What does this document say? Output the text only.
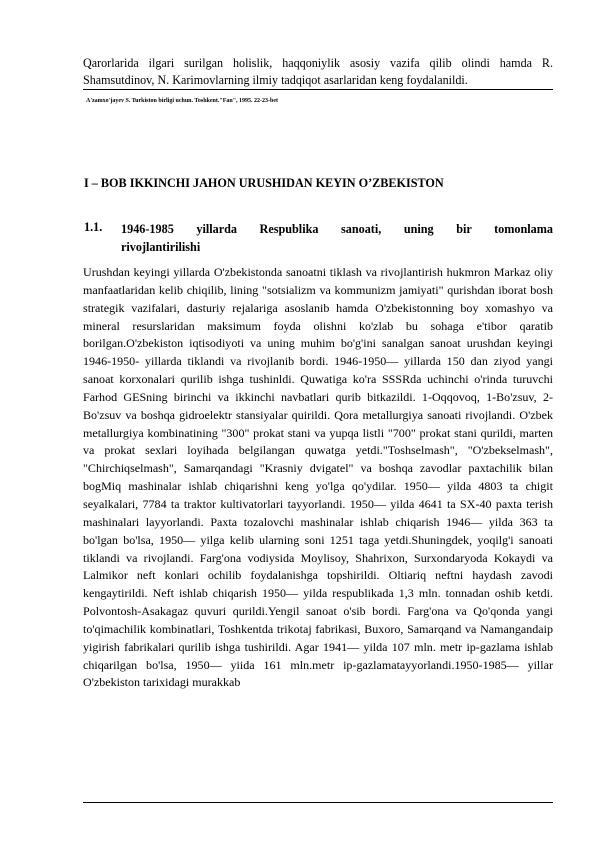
Qarorlarida ilgari surilgan holislik, haqqoniylik asosiy vazifa qilib olindi hamda R. Shamsutdinov, N. Karimovlarning ilmiy tadqiqot asarlaridan keng foydalanildi.
A'zamxo'jayev S. Turkiston birligi uchun. Toshkent."Fan", 1995. 22-23-bet
I – BOB IKKINCHI JAHON URUSHIDAN KEYIN O’ZBEKISTON
1.1. 1946-1985 yillarda Respublika sanoati, uning bir tomonlama
rivojlantirilishi
Urushdan keyingi yillarda O'zbekistonda sanoatni tiklash va rivojlantirish hukmron Markaz oliy manfaatlaridan kelib chiqilib, lining "sotsializm va kommunizm jamiyati" qurishdan iborat bosh strategik vazifalari, dasturiy rejalariga asoslanib hamda O'zbekistonning boy xomashyo va mineral resurslaridan maksimum foyda olishni ko'zlab bu sohaga e'tibor qaratib borilgan.O'zbekiston iqtisodiyoti va uning muhim bo'g'ini sanalgan sanoat urushdan keyingi 1946-1950- yillarda tiklandi va rivojlanib bordi. 1946-1950— yillarda 150 dan ziyod yangi sanoat korxonalari qurilib ishga tushinldi. Quwatiga ko'ra SSSRda uchinchi o'rinda turuvchi Farhod GESning birinchi va ikkinchi navbatlari qurib bitkazildi. 1-Oqqovoq, 1-Bo'zsuv, 2-Bo'zsuv va boshqa gidroelektr stansiyalar quirildi. Qora metallurgiya sanoati rivojlandi. O'zbek metallurgiya kombinatining "300" prokat stani va yupqa listli "700" prokat stani qurildi, marten va prokat sexlari loyihada belgilangan quwatga yetdi."Toshselmash", "O'zbekselmash", "Chirchiqselmash", Samarqandagi "Krasniy dvigatel" va boshqa zavodlar paxtachilik bilan bogMiq mashinalar ishlab chiqarishni keng yo'lga qo'ydilar. 1950— yilda 4803 ta chigit seyalkalari, 7784 ta traktor kultivatorlari tayyorlandi. 1950— yilda 4641 ta SX-40 paxta terish mashinalari layyorlandi. Paxta tozalovchi mashinalar ishlab chiqarish 1946— yilda 363 ta bo'lgan bo'lsa, 1950— yilga kelib ularning soni 1251 taga yetdi.Shuningdek, yoqilg'i sanoati tiklandi va rivojlandi. Farg'ona vodiysida Moylisoy, Shahrixon, Surxondaryoda Kokaydi va Lalmikor neft konlari ochilib foydalanishga topshirildi. Oltiariq neftni haydash zavodi kengaytirildi. Neft ishlab chiqarish 1950— yilda respublikada 1,3 mln. tonnadan oshib ketdi. Polvontosh-Asakagaz quvuri qurildi.Yengil sanoat o'sib bordi. Farg'ona va Qo'qonda yangi to'qimachilik kombinatlari, Toshkentda trikotaj fabrikasi, Buxoro, Samarqand va Namangandaip yigirish fabrikalari qurilib ishga tushirildi. Agar 1941— yilda 107 mln. metr ip-gazlama ishlab chiqarilgan bo'lsa, 1950— yiida 161 mln.metr ip-gazlamatayyorlandi.1950-1985— yillar O'zbekiston tarixidagi murakkab
